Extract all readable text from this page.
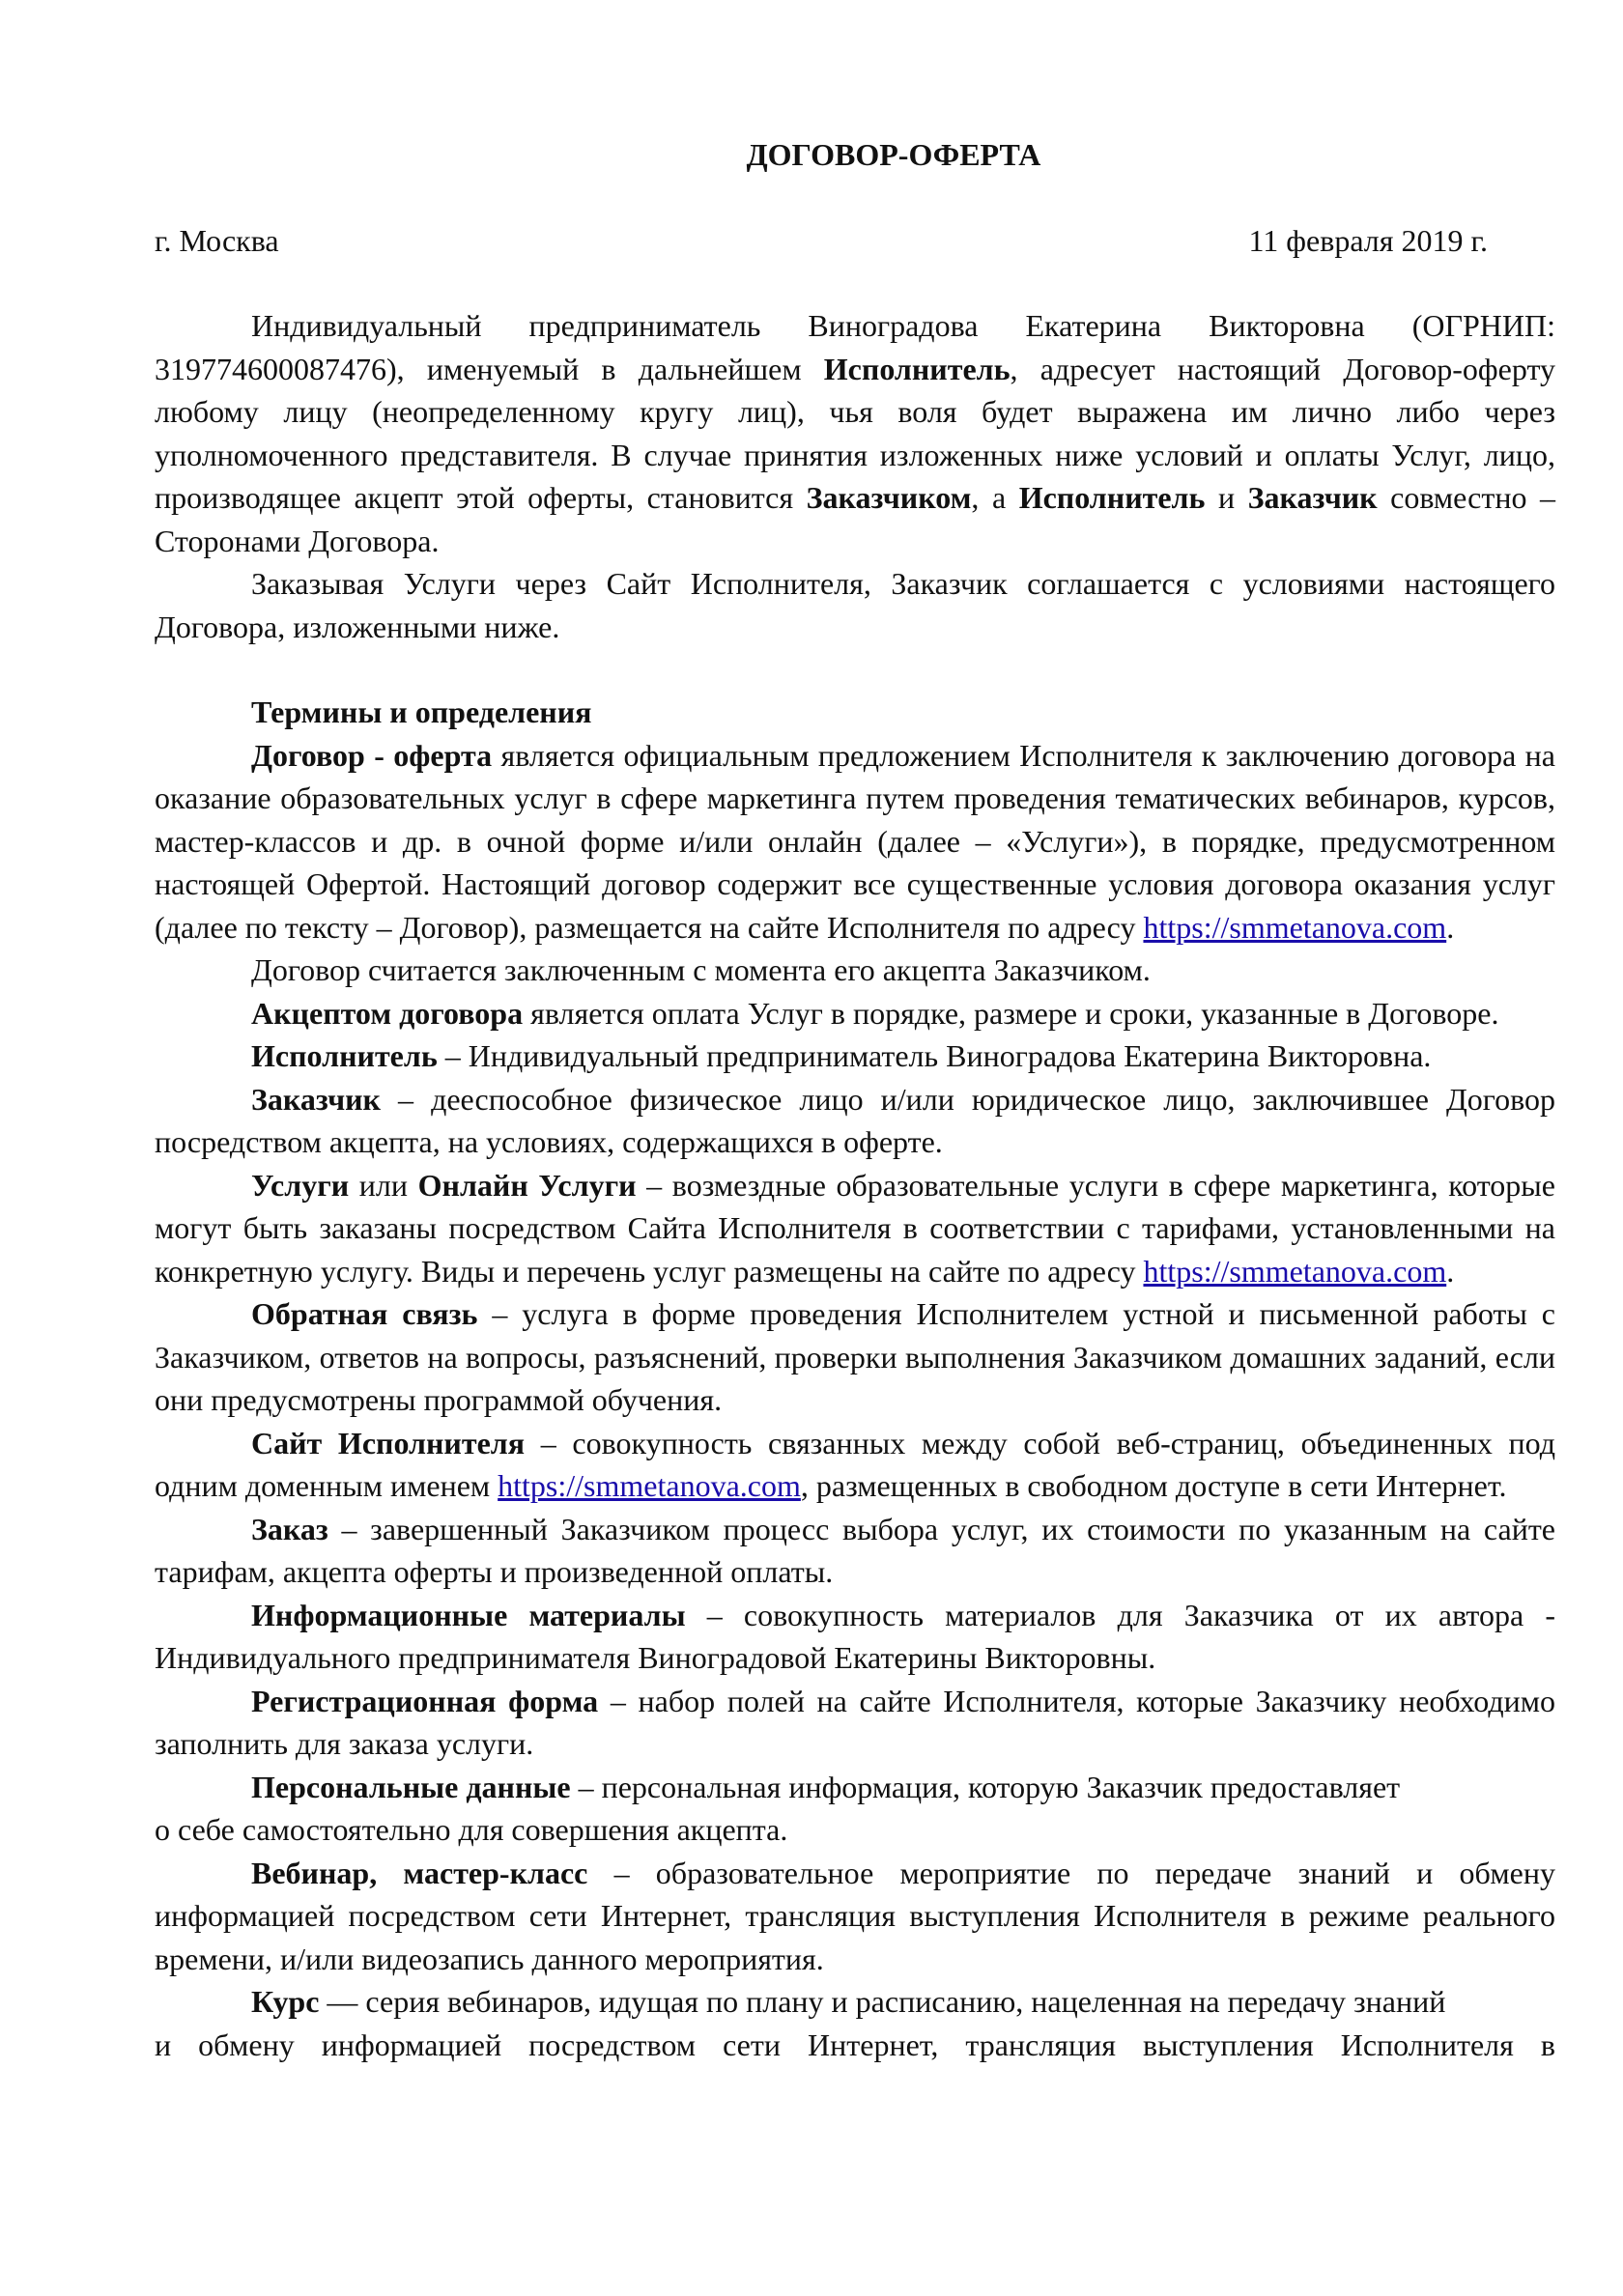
ДОГОВОР-ОФЕРТА
г. Москва	11 февраля 2019 г.

Индивидуальный предприниматель Виноградова Екатерина Викторовна (ОГРНИП: 319774600087476), именуемый в дальнейшем Исполнитель, адресует настоящий Договор-оферту любому лицу (неопределенному кругу лиц), чья воля будет выражена им лично либо через уполномоченного представителя. В случае принятия изложенных ниже условий и оплаты Услуг, лицо, производящее акцепт этой оферты, становится Заказчиком, а Исполнитель и Заказчик совместно – Сторонами Договора.

Заказывая Услуги через Сайт Исполнителя, Заказчик соглашается с условиями настоящего Договора, изложенными ниже.

Термины и определения

Договор - оферта является официальным предложением Исполнителя к заключению договора на оказание образовательных услуг в сфере маркетинга путем проведения тематических вебинаров, курсов, мастер-классов и др. в очной форме и/или онлайн (далее – «Услуги»), в порядке, предусмотренном настоящей Офертой. Настоящий договор содержит все существенные условия договора оказания услуг (далее по тексту – Договор), размещается на сайте Исполнителя по адресу https://smmetanova.com.

Договор считается заключенным с момента его акцепта Заказчиком.

Акцептом договора является оплата Услуг в порядке, размере и сроки, указанные в Договоре.

Исполнитель – Индивидуальный предприниматель Виноградова Екатерина Викторовна.

Заказчик – дееспособное физическое лицо и/или юридическое лицо, заключившее Договор посредством акцепта, на условиях, содержащихся в оферте.

Услуги или Онлайн Услуги – возмездные образовательные услуги в сфере маркетинга, которые могут быть заказаны посредством Сайта Исполнителя в соответствии с тарифами, установленными на конкретную услугу. Виды и перечень услуг размещены на сайте по адресу https://smmetanova.com.

Обратная связь – услуга в форме проведения Исполнителем устной и письменной работы с Заказчиком, ответов на вопросы, разъяснений, проверки выполнения Заказчиком домашних заданий, если они предусмотрены программой обучения.

Сайт Исполнителя – совокупность связанных между собой веб-страниц, объединенных под одним доменным именем https://smmetanova.com, размещенных в свободном доступе в сети Интернет.

Заказ – завершенный Заказчиком процесс выбора услуг, их стоимости по указанным на сайте тарифам, акцепта оферты и произведенной оплаты.

Информационные материалы – совокупность материалов для Заказчика от их автора - Индивидуального предпринимателя Виноградовой Екатерины Викторовны.

Регистрационная форма – набор полей на сайте Исполнителя, которые Заказчику необходимо заполнить для заказа услуги.

Персональные данные – персональная информация, которую Заказчик предоставляет
о себе самостоятельно для совершения акцепта.

Вебинар, мастер-класс – образовательное мероприятие по передаче знаний и обмену информацией посредством сети Интернет, трансляция выступления Исполнителя в режиме реального времени, и/или видеозапись данного мероприятия.

Курс — серия вебинаров, идущая по плану и расписанию, нацеленная на передачу знаний

и обмену информацией посредством сети Интернет, трансляция выступления Исполнителя в
